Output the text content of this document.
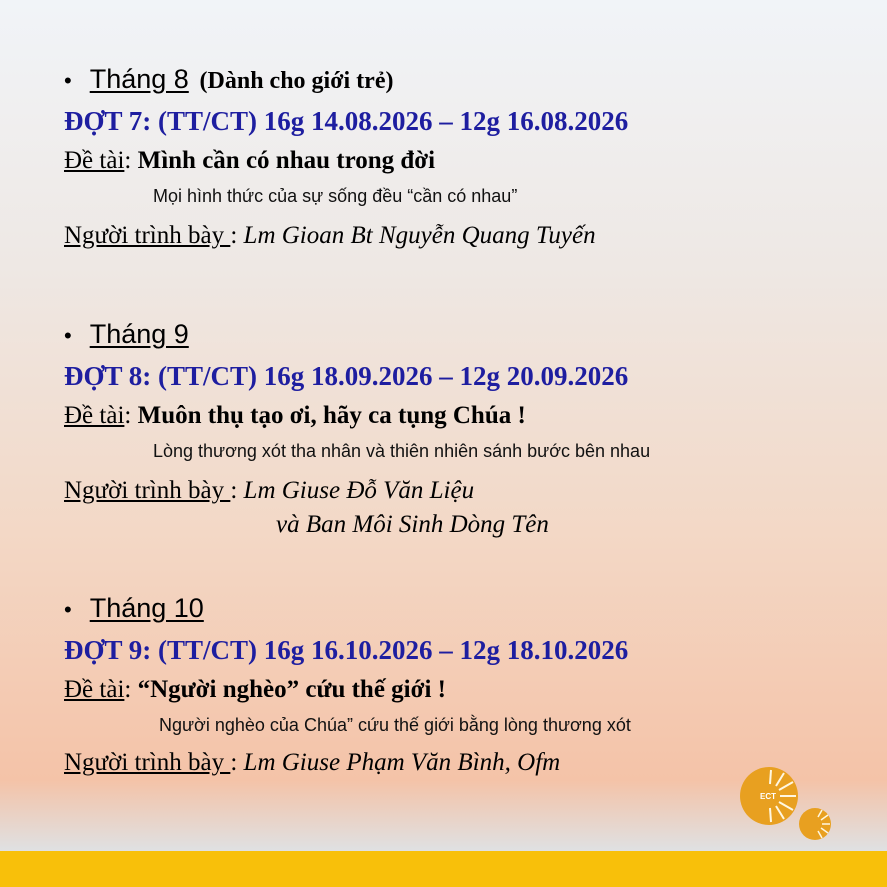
• Tháng 8 (Dành cho giới trẻ)
ĐỢT 7: (TT/CT) 16g 14.08.2026 – 12g 16.08.2026
Đề tài: Mình cần có nhau trong đời
Mọi hình thức của sự sống đều “cần có nhau”
Người trình bày : Lm Gioan Bt Nguyễn Quang Tuyến
• Tháng 9
ĐỢT 8: (TT/CT) 16g 18.09.2026 – 12g 20.09.2026
Đề tài: Muôn thụ tạo ơi, hãy ca tụng Chúa !
Lòng thương xót tha nhân và thiên nhiên sánh bước bên nhau
Người trình bày : Lm Giuse Đỗ Văn Liệu
và Ban Môi Sinh Dòng Tên
• Tháng 10
ĐỢT 9: (TT/CT) 16g 16.10.2026 – 12g 18.10.2026
Đề tài: “Người nghèo” cứu thế giới !
Người nghèo của Chúa” cứu thế giới bằng lòng thương xót
Người trình bày : Lm Giuse Phạm Văn Bình, Ofm
ECT
